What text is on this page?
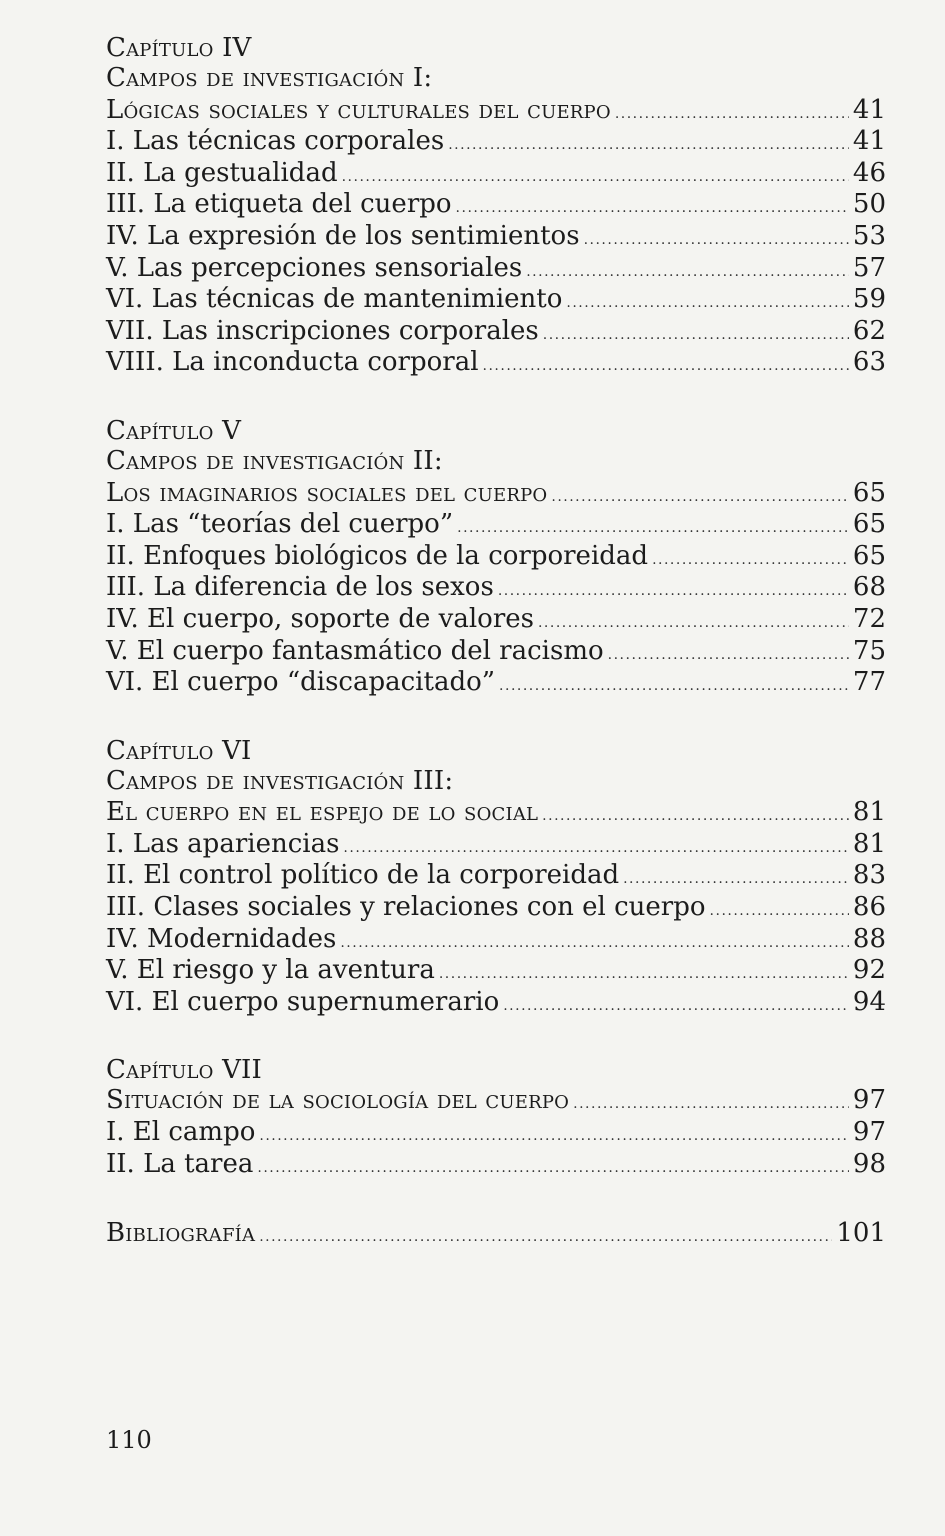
Capítulo IV
Campos de investigación I:
Lógicas sociales y culturales del cuerpo .....	41
I. Las técnicas corporales .....	41
II. La gestualidad .....	46
III. La etiqueta del cuerpo .....	50
IV. La expresión de los sentimientos .....	53
V. Las percepciones sensoriales .....	57
VI. Las técnicas de mantenimiento .....	59
VII. Las inscripciones corporales .....	62
VIII. La inconducta corporal .....	63
Capítulo V
Campos de investigación II:
Los imaginarios sociales del cuerpo .....	65
I. Las “teorías del cuerpo” .....	65
II. Enfoques biológicos de la corporeidad .....	65
III. La diferencia de los sexos .....	68
IV. El cuerpo, soporte de valores .....	72
V. El cuerpo fantasmático del racismo .....	75
VI. El cuerpo “discapacitado” .....	77
Capítulo VI
Campos de investigación III:
El cuerpo en el espejo de lo social .....	81
I. Las apariencias .....	81
II. El control político de la corporeidad .....	83
III. Clases sociales y relaciones con el cuerpo .....	86
IV. Modernidades .....	88
V. El riesgo y la aventura .....	92
VI. El cuerpo supernumerario .....	94
Capítulo VII
Situación de la sociología del cuerpo .....	97
I. El campo .....	97
II. La tarea .....	98
Bibliografía .....	101
110
